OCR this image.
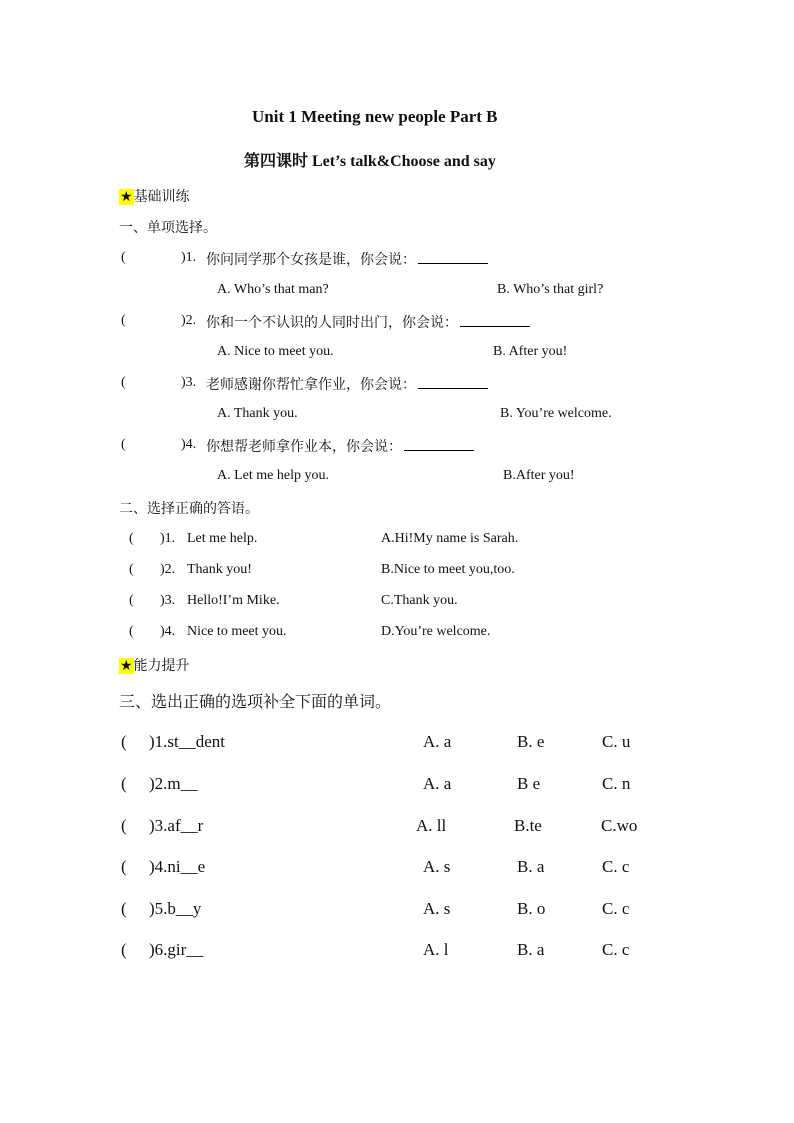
Unit 1 Meeting new people Part B
第四课时 Let’s talk&Choose and say
★基础训练
一、单项选择。
(	)1. 你问同学那个女孩是谁，你会说：
A. Who’s that man?	B. Who’s that girl?
(	)2. 你和一个不认识的人同时出门，你会说：
A. Nice to meet you.	B. After you!
(	)3. 老师感谢你帮忙拿作业，你会说：
A. Thank you.	B. You’re welcome.
(	)4. 你想帮老师拿作业本，你会说：
A. Let me help you.	B.After you!
二、选择正确的答语。
( )1. Let me help.	A.Hi!My name is Sarah.
( )2. Thank you!	B.Nice to meet you,too.
( )3. Hello!I’m Mike.	C.Thank you.
( )4. Nice to meet you.	D.You’re welcome.
★能力提升
三、选出正确的选项补全下面的单词。
( )1.st__dent	A. a	B. e	C. u
( )2.m__	A. a	B e	C. n
( )3.af__r	A. ll	B.te	C.wo
( )4.ni__e	A. s	B. a	C. c
( )5.b__y	A. s	B. o	C. c
( )6.gir__	A. l	B. a	C. c
